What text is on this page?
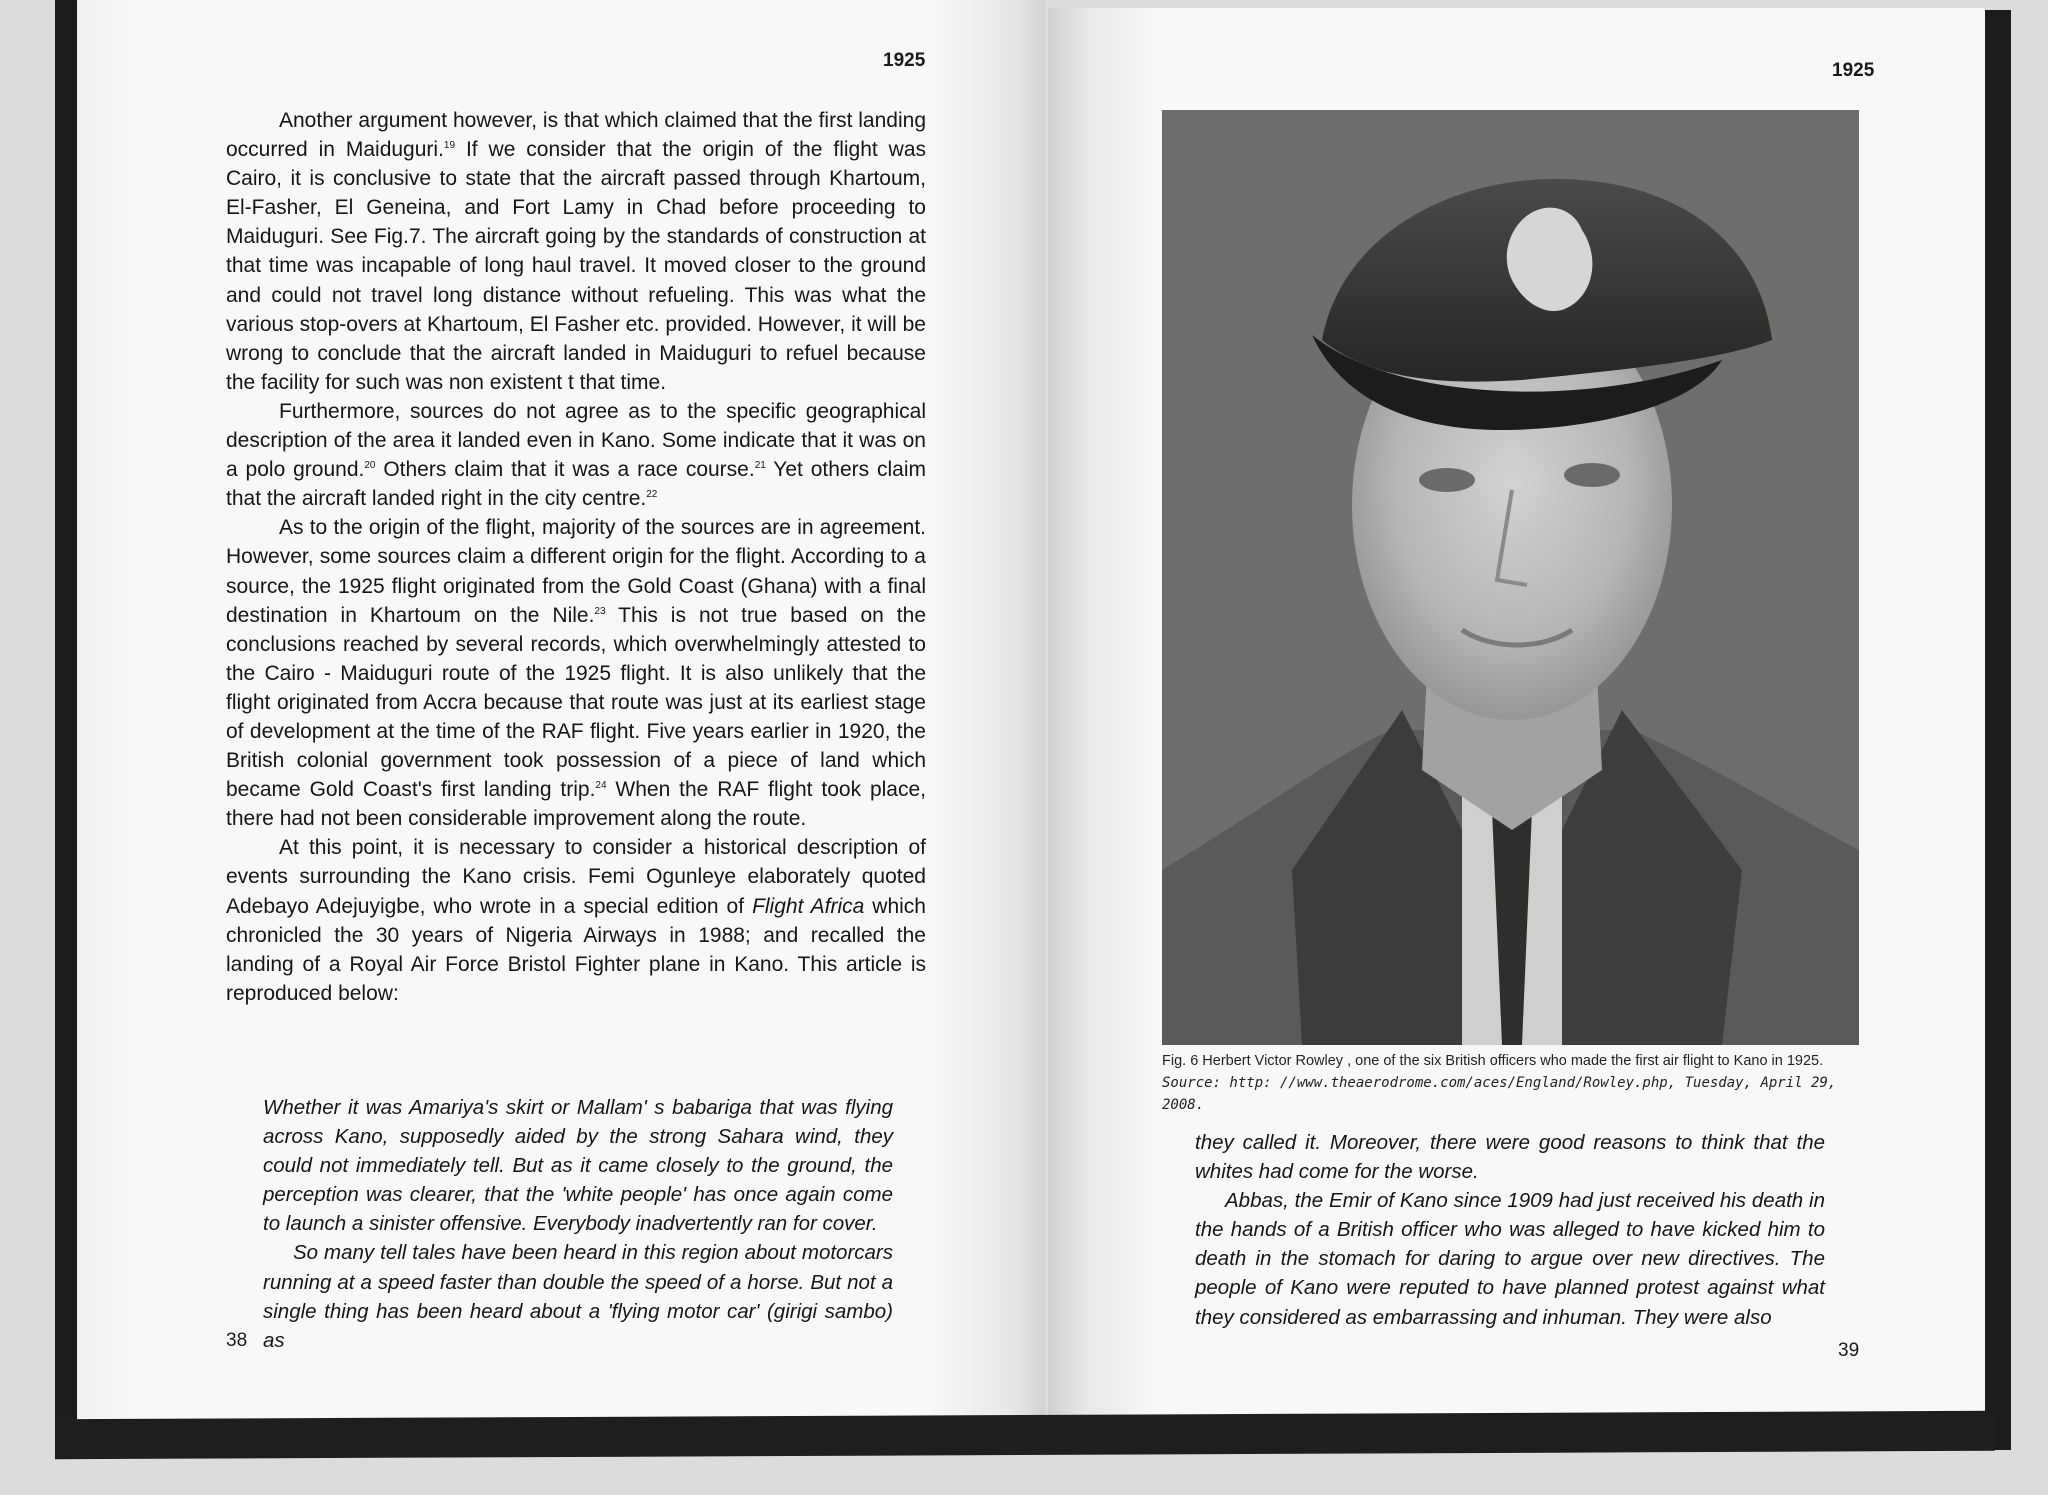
1925

Another argument however, is that which claimed that the first landing occurred in Maiduguri.$^{19}$ If we consider that the origin of the flight was Cairo, it is conclusive to state that the aircraft passed through Khartoum, El-Fasher, El Geneina, and Fort Lamy in Chad before proceeding to Maiduguri. See Fig.7. The aircraft going by the standards of construction at that time was incapable of long haul travel. It moved closer to the ground and could not travel long distance without refueling. This was what the various stop-overs at Khartoum, El Fasher etc. provided. However, it will be wrong to conclude that the aircraft landed in Maiduguri to refuel because the facility for such was non existent t that time.

Furthermore, sources do not agree as to the specific geographical description of the area it landed even in Kano. Some indicate that it was on a polo ground.$^{20}$ Others claim that it was a race course.$^{21}$ Yet others claim that the aircraft landed right in the city centre.$^{22}$

As to the origin of the flight, majority of the sources are in agreement. However, some sources claim a different origin for the flight. According to a source, the 1925 flight originated from the Gold Coast (Ghana) with a final destination in Khartoum on the Nile.$^{23}$ This is not true based on the conclusions reached by several records, which overwhelmingly attested to the Cairo - Maiduguri route of the 1925 flight. It is also unlikely that the flight originated from Accra because that route was just at its earliest stage of development at the time of the RAF flight. Five years earlier in 1920, the British colonial government took possession of a piece of land which became Gold Coast's first landing trip.$^{24}$ When the RAF flight took place, there had not been considerable improvement along the route.

At this point, it is necessary to consider a historical description of events surrounding the Kano crisis. Femi Ogunleye elaborately quoted Adebayo Adejuyigbe, who wrote in a special edition of Flight Africa which chronicled the 30 years of Nigeria Airways in 1988; and recalled the landing of a Royal Air Force Bristol Fighter plane in Kano. This article is reproduced below:

Whether it was Amariya's skirt or Mallam' s babariga that was flying across Kano, supposedly aided by the strong Sahara wind, they could not immediately tell. But as it came closely to the ground, the perception was clearer, that the 'white people' has once again come to launch a sinister offensive. Everybody inadvertently ran for cover.

So many tell tales have been heard in this region about motorcars running at a speed faster than double the speed of a horse. But not a single thing has been heard about a 'flying motor car' (girigi sambo) as

38
1925
Fig. 6 Herbert Victor Rowley , one of the six British officers who made the first air flight to Kano in 1925. Source: http: //www.theaerodrome.com/aces/England/Rowley.php, Tuesday, April 29, 2008.

they called it. Moreover, there were good reasons to think that the whites had come for the worse.

Abbas, the Emir of Kano since 1909 had just received his death in the hands of a British officer who was alleged to have kicked him to death in the stomach for daring to argue over new directives. The people of Kano were reputed to have planned protest against what they considered as embarrassing and inhuman. They were also

39
